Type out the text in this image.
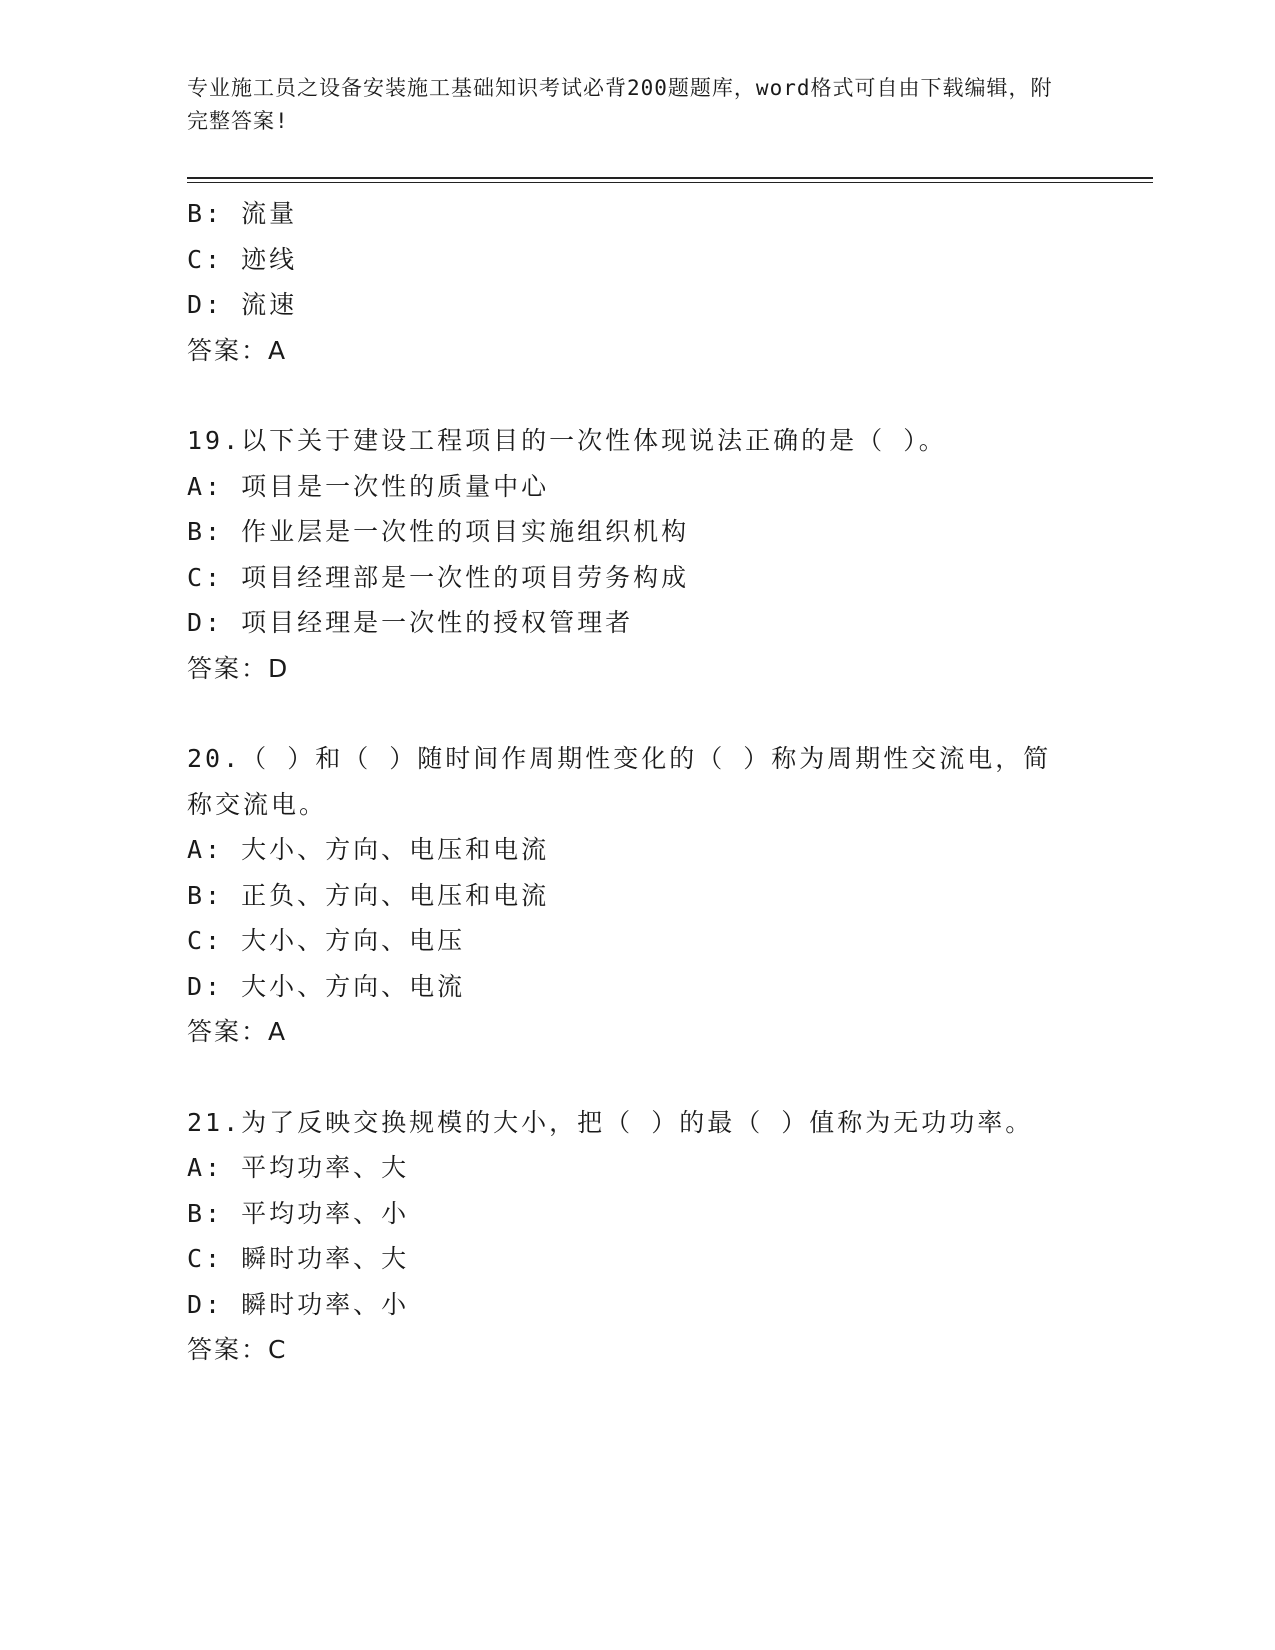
专业施工员之设备安装施工基础知识考试必背200题题库，word格式可自由下载编辑，附完整答案!
B: 流量
C: 迹线
D: 流速
答案：A
19.以下关于建设工程项目的一次性体现说法正确的是（ ）。
A: 项目是一次性的质量中心
B: 作业层是一次性的项目实施组织机构
C: 项目经理部是一次性的项目劳务构成
D: 项目经理是一次性的授权管理者
答案：D
20.（ ）和（ ）随时间作周期性变化的（ ）称为周期性交流电，简称交流电。
A: 大小、方向、电压和电流
B: 正负、方向、电压和电流
C: 大小、方向、电压
D: 大小、方向、电流
答案：A
21.为了反映交换规模的大小，把（ ）的最（ ）值称为无功功率。
A: 平均功率、大
B: 平均功率、小
C: 瞬时功率、大
D: 瞬时功率、小
答案：C
